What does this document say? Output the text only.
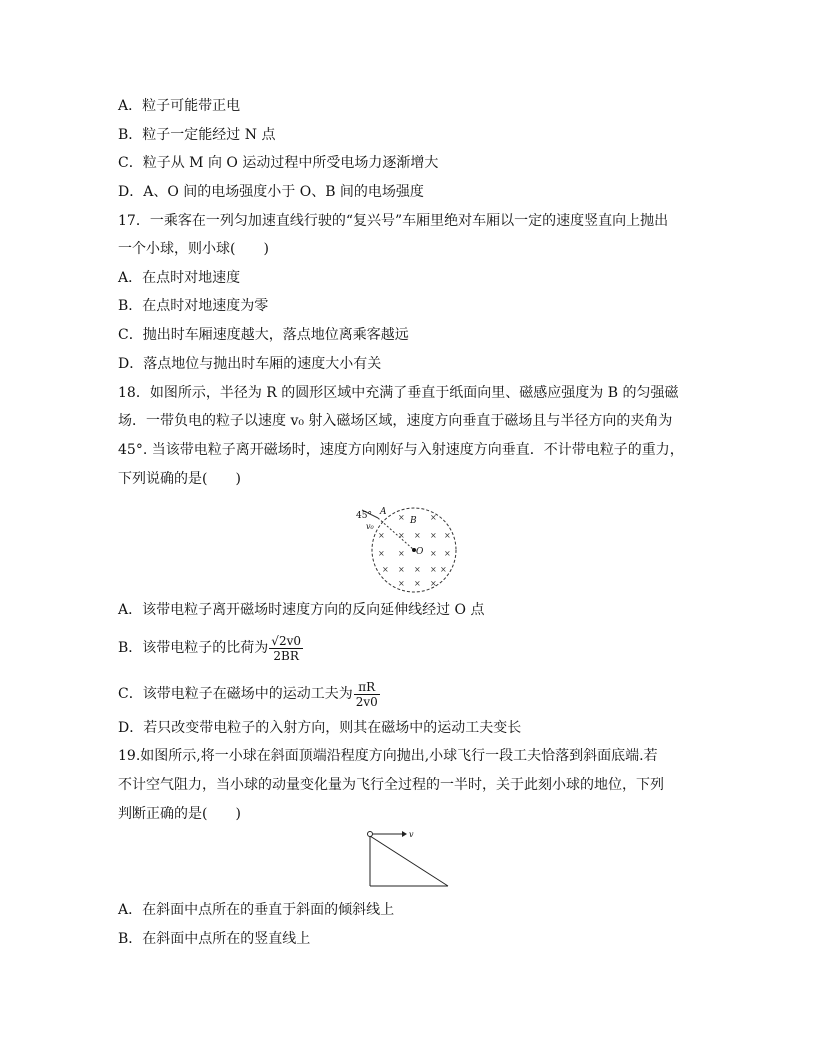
A．粒子可能带正电
B．粒子一定能经过 N 点
C．粒子从 M 向 O 运动过程中所受电场力逐渐增大
D．A、O 间的电场强度小于 O、B 间的电场强度
17．一乘客在一列匀加速直线行驶的“复兴号”车厢里绝对车厢以一定的速度竖直向上抛出
一个小球，则小球(　　)
A．在点时对地速度
B．在点时对地速度为零
C．抛出时车厢速度越大，落点地位离乘客越远
D．落点地位与抛出时车厢的速度大小有关
18．如图所示，半径为 R 的圆形区域中充满了垂直于纸面向里、磁感应强度为 B 的匀强磁
场．一带负电的粒子以速度 v₀ 射入磁场区域，速度方向垂直于磁场且与半径方向的夹角为
45°. 当该带电粒子离开磁场时，速度方向刚好与入射速度方向垂直．不计带电粒子的重力，
下列说确的是(　　)
45° A
v₀
B
O
×	×
× × × × ×
× ×	× ×
× × × × ×
× × ×
A．该带电粒子离开磁场时速度方向的反向延伸线经过 O 点
B．该带电粒子的比荷为 $\frac{√2v0}{2BR}$
C．该带电粒子在磁场中的运动工夫为 $\frac{\pi R}{2v0}$
D．若只改变带电粒子的入射方向，则其在磁场中的运动工夫变长
19.如图所示,将一小球在斜面顶端沿程度方向抛出,小球飞行一段工夫恰落到斜面底端.若
不计空气阻力，当小球的动量变化量为飞行全过程的一半时，关于此刻小球的地位，下列
判断正确的是(　　)
v
A．在斜面中点所在的垂直于斜面的倾斜线上
B．在斜面中点所在的竖直线上
